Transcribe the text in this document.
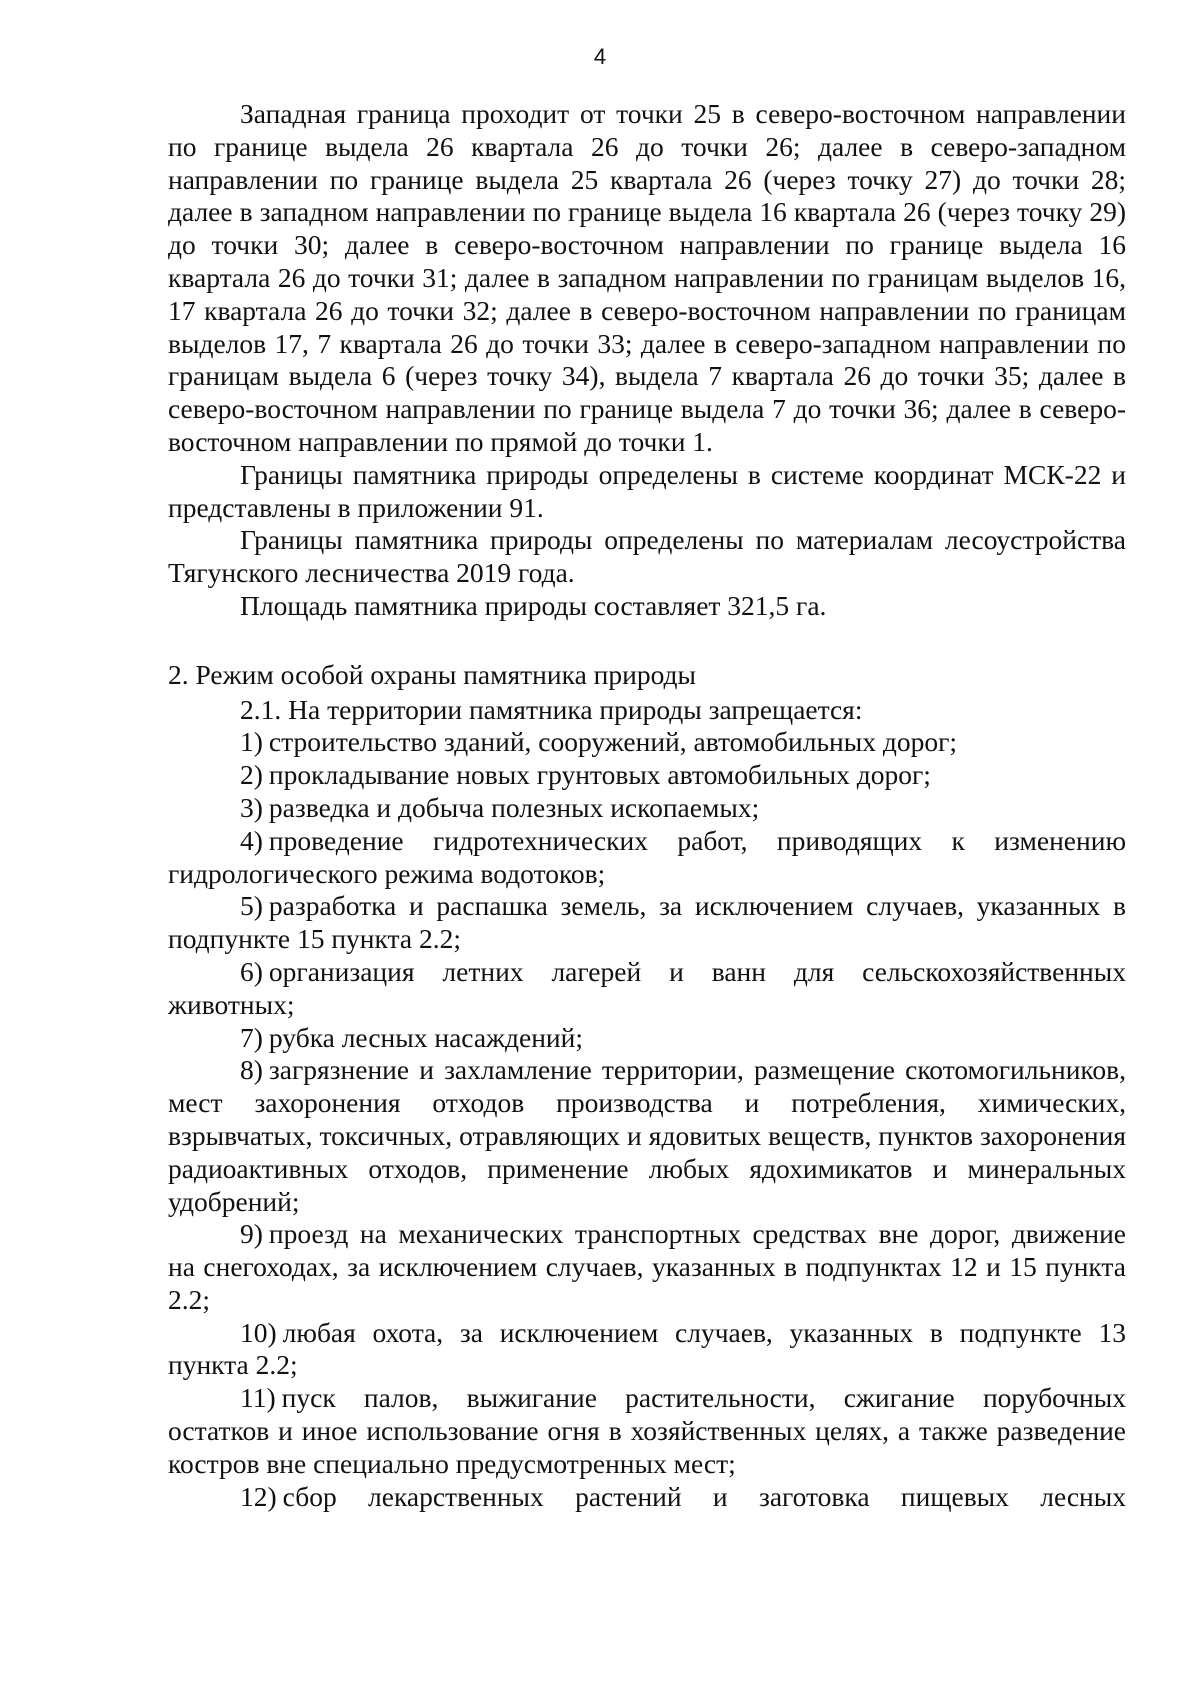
4

Западная граница проходит от точки 25 в северо-восточном направлении по границе выдела 26 квартала 26 до точки 26; далее в северо-западном направлении по границе выдела 25 квартала 26 (через точку 27) до точки 28; далее в западном направлении по границе выдела 16 квартала 26 (через точку 29) до точки 30; далее в северо-восточном направлении по границе выдела 16 квартала 26 до точки 31; далее в западном направлении по границам выделов 16, 17 квартала 26 до точки 32; далее в северо-восточном направлении по границам выделов 17, 7 квартала 26 до точки 33; далее в северо-западном направлении по границам выдела 6 (через точку 34), выдела 7 квартала 26 до точки 35; далее в северо-восточном направлении по границе выдела 7 до точки 36; далее в северо-восточном направлении по прямой до точки 1.

Границы памятника природы определены в системе координат МСК-22 и представлены в приложении 91.

Границы памятника природы определены по материалам лесоустройства Тягунского лесничества 2019 года.

Площадь памятника природы составляет 321,5 га.

2. Режим особой охраны памятника природы

2.1. На территории памятника природы запрещается:

1) строительство зданий, сооружений, автомобильных дорог;

2) прокладывание новых грунтовых автомобильных дорог;

3) разведка и добыча полезных ископаемых;

4) проведение гидротехнических работ, приводящих к изменению гидрологического режима водотоков;

5) разработка и распашка земель, за исключением случаев, указанных в подпункте 15 пункта 2.2;

6) организация летних лагерей и ванн для сельскохозяйственных животных;

7) рубка лесных насаждений;

8) загрязнение и захламление территории, размещение скотомогильников, мест захоронения отходов производства и потребления, химических, взрывчатых, токсичных, отравляющих и ядовитых веществ, пунктов захоронения радиоактивных отходов, применение любых ядохимикатов и минеральных удобрений;

9) проезд на механических транспортных средствах вне дорог, движение на снегоходах, за исключением случаев, указанных в подпунктах 12 и 15 пункта 2.2;

10) любая охота, за исключением случаев, указанных в подпункте 13 пункта 2.2;

11) пуск палов, выжигание растительности, сжигание порубочных остатков и иное использование огня в хозяйственных целях, а также разведение костров вне специально предусмотренных мест;

12) сбор лекарственных растений и заготовка пищевых лесных
